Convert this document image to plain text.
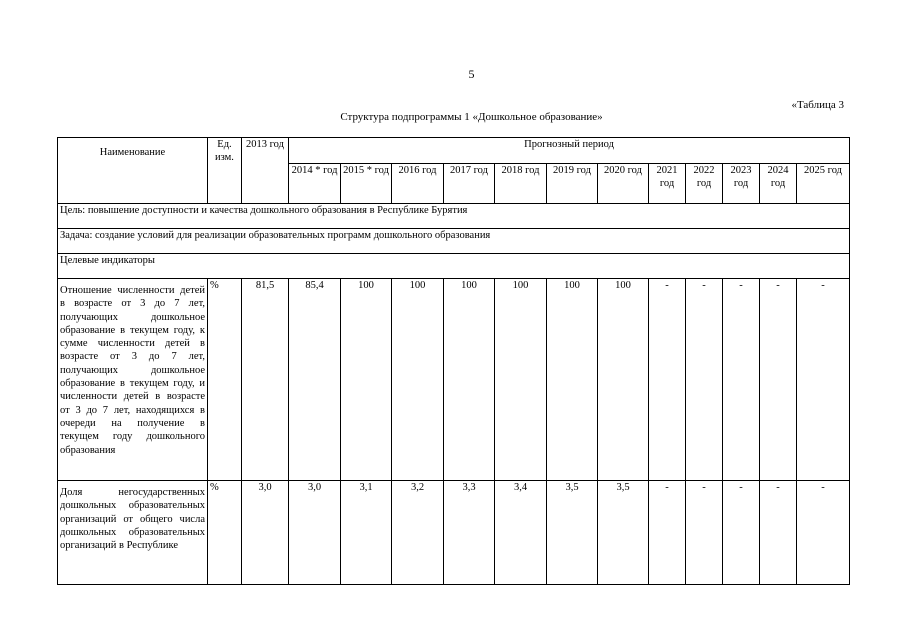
5
«Таблица 3
Структура подпрограммы 1 «Дошкольное образование»
Наименование	Ед. изм.	2013 год	Прогнозный период											
			2014 * год	2015 * год	2016 год	2017 год	2018 год	2019 год	2020 год	2021 год	2022 год	2023 год	2024 год	2025 год
Цель: повышение доступности и качества дошкольного образования в Республике Бурятия														
Задача: создание условий для реализации образовательных программ дошкольного образования														
Целевые индикаторы														
Отношение численности детей в возрасте от 3 до 7 лет, получающих дошкольное образование в текущем году, к сумме численности детей в возрасте от 3 до 7 лет, получающих дошкольное образование в текущем году, и численности детей в возрасте от 3 до 7 лет, находящихся в очереди на получение в текущем году дошкольного образования	%	81,5	85,4	100	100	100	100	100	100	-	-	-	-	-
Доля негосударственных дошкольных образовательных организаций от общего числа дошкольных образовательных организаций в Республике	%	3,0	3,0	3,1	3,2	3,3	3,4	3,5	3,5	-	-	-	-	-
